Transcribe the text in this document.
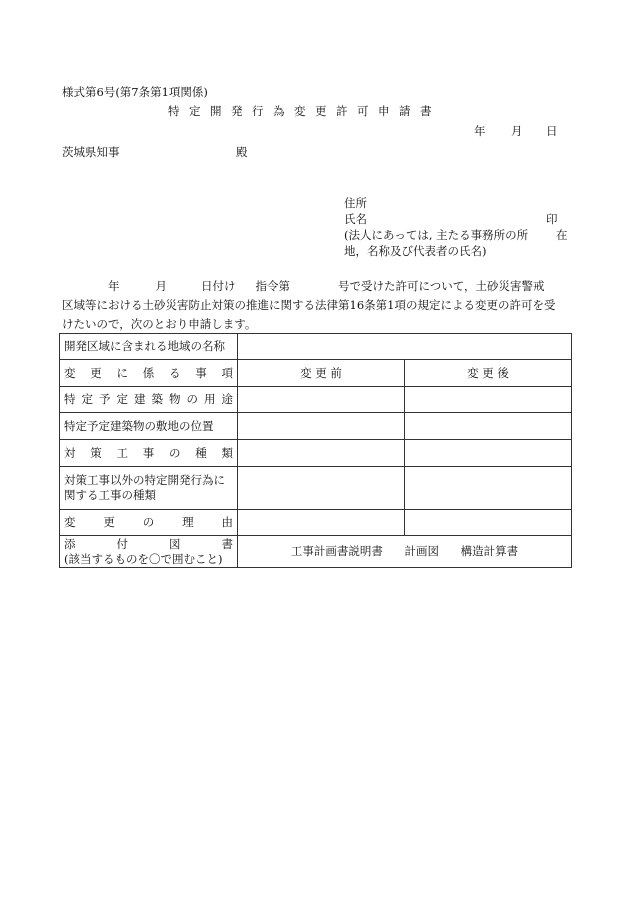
様式第6号(第7条第1項関係)
特定開発行為変更許可申請書
年 月 日
茨城県知事	殿
住所
氏名	印
(法人にあっては, 主たる事務所の所 在
地，名称及び代表者の氏名)
年	月	日付け 指令第	号で受けた許可について，土砂災害警戒
区域等における土砂災害防止対策の推進に関する法律第16条第1項の規定による変更の許可を受
けたいので，次のとおり申請します。
開発区域に含まれる地域の名称		
変更に係る事項	変 更 前	変 更 後
特定予定建築物の用途		
特定予定建築物の敷地の位置		
対策工事の種類		

対策工事以外の特定開発行為に
関する工事の種類		

変更の理由		

添付図書
(該当するものを〇で囲むこと)	工事計画書説明書 計画図 構造計算書	
